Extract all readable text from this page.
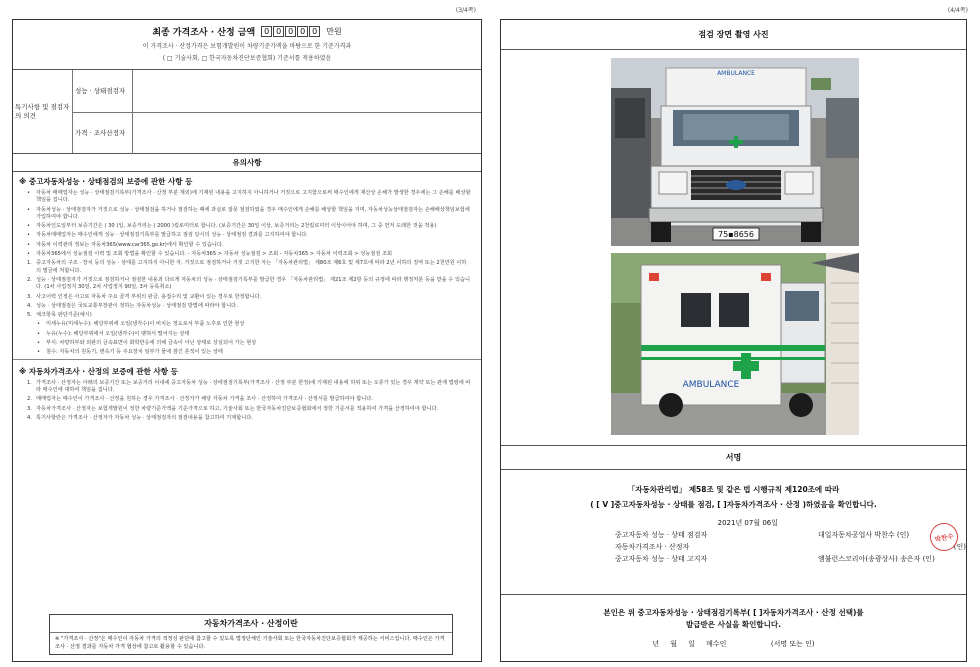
(3/4쪽)
최종 가격조사 · 산정 금액	0 0 0 0 0	만원
이 가격조사 · 산정가격은 보험개발원이 차량기준가액을 바탕으로 한 기준가격과
( □ 기술사회, □ 한국자동차진단보증협회) 기준서를 적용하였음
특기사항 및 점검자의 의견
성능 · 상태점검자
가격 · 조사산정자
유의사항
※ 중고자동차성능 · 상태점검의 보증에 관한 사항 등
• 자동차 매매업자는 성능 · 상태점검기록부(가격조사 · 산정 부분 제외)에 기재된 내용을 고지하지 아니하거나 거짓으로 고지함으로써 매수인에게 재산상 손해가 발생한 경우에는 그 손해를 배상할 책임을 집니다.
• 자동차성능 · 상태점검자가 거짓으로 성능 · 상태점검을 하거나 점검하는 때에 과실로 잘못 점검하였을 경우 매수인에게 손해를 배상할 책임을 지며, 자동차성능상태점검자는 손해배상책임보험에 가입하여야 합니다.
• 자동차인도일부터 보증기간은 ( 30 )일, 보증거리는 ( 2000 )킬로미터로 합니다. (보증기간은 30일 이상, 보증거리는 2천킬로미터 이상이어야 하며, 그 중 먼저 도래한 것을 적용)
• 자동차매매업자는 매수인에게 성능 · 상태점검기록부를 발급하고 점검 당시의 성능 · 상태점검 결과를 고지하여야 합니다.
• 자동차 이력관리 정보는 자동차365(www.car365.go.kr)에서 확인할 수 있습니다.
• 자동차365에서 성능점검 이력 및 조회 방법을 확인할 수 있습니다. - 자동차365 > 자동차 성능점검 > 조회 - 자동차365 > 자동차 이력조회 > 성능점검 조회
1. 중고자동차의 구조 · 장치 등의 성능 · 상태를 고지하지 아니한 자, 거짓으로 점검하거나 거짓 고지한 자는 「자동차관리법」 제80조 제6호 및 제7호에 따라 2년 이하의 징역 또는 2천만원 이하의 벌금에 처합니다.
2. 성능 · 상태점검자가 거짓으로 점검하거나 점검한 내용과 다르게 자동차의 성능 · 상태점검기록부를 발급한 경우 「자동차관리법」 제21조 제2항 등의 규정에 따라 행정처분 등을 받을 수 있습니다. (1차 사업정지 30일, 2차 사업정지 90일, 3차 등록취소)
3. 사고이력 인정은 사고로 자동차 주요 골격 부위의 판금, 용접수리 및 교환이 있는 경우로 한정합니다.
4. 성능 · 상태점검은 국토교통부장관이 정하는 자동차성능 · 상태점검 방법에 따라야 합니다.
5. 체크항목 판단기준(예시)
• 미세누유(미세누수): 해당부위에 오일(냉각수)이 비치는 정도로서 부품 노후로 인한 현상
• 누유(누수): 해당부위에서 오일(냉각수)이 맺혀서 떨어지는 상태
• 부식: 차량하부와 외판의 금속표면이 화학반응에 의해 금속이 아닌 상태로 상실되어 가는 현상
• 침수: 자동차의 원동기, 변속기 등 주요장치 일부가 물에 잠긴 흔적이 있는 상태
※ 자동차가격조사 · 산정의 보증에 관한 사항 등
1. 가격조사 · 산정자는 아래의 보증기간 또는 보증거리 이내에 중고자동차 성능 · 상태점검기록부(가격조사 · 산정 부분 한정)에 기재된 내용에 허위 또는 오류가 있는 경우 계약 또는 관계 법령에 따라 매수인에 대하여 책임을 집니다.
2. 매매업자는 매수인이 가격조사 · 산정을 원하는 경우 가격조사 · 산정자가 해당 자동차 가격을 조사 · 산정하여 가격조사 · 산정서를 발급하여야 합니다.
3. 자동차가격조사 · 산정자는 보험개발원이 정한 차량기준가액을 기준가격으로 하고, 기술사회 또는 한국자동차진단보증협회에서 정한 기준서를 적용하여 가격을 산정하여야 합니다.
4. 특기사항란은 가격조사 · 산정자가 자동차 성능 · 상태점검자의 점검내용을 참고하여 기재합니다.
자동차가격조사 · 산정이란
※ "가격조사 · 산정"은 매수인이 자동차 가격의 적정성 판단에 참고할 수 있도록 법정단체인 기술사회 또는 한국자동차진단보증협회가 제공하는 서비스입니다. 매수인은 가격조사 · 산정 결과를 자동차 가격 협상에 참고로 활용할 수 있습니다.
(4/4쪽)
점검 장면 촬영 사진
75▪8656
AMBULANCE
AMBULANCE
서명
「자동차관리법」 제58조 및 같은 법 시행규칙 제120조에 따라
( [ V ]중고자동차성능 · 상태를 점검, [ ]자동차가격조사 · 산정 )하였음을 확인합니다.
2021년 07월 06일
중고자동차 성능 · 상태 점검자	대일자동차공업사 박찬수 (인)
자동차가격조사 · 산정자	(인)
중고자동차 성능 · 상태 고지자	앰뷸런스코리아(송광상사) 송은자 (인)
박찬수
본인은 위 중고자동차성능 · 상태점검기록부( [ ]자동차가격조사 · 산정 선택)를
발급받은 사실을 확인합니다.
년     월     일     매수인                    (서명 또는 인)
